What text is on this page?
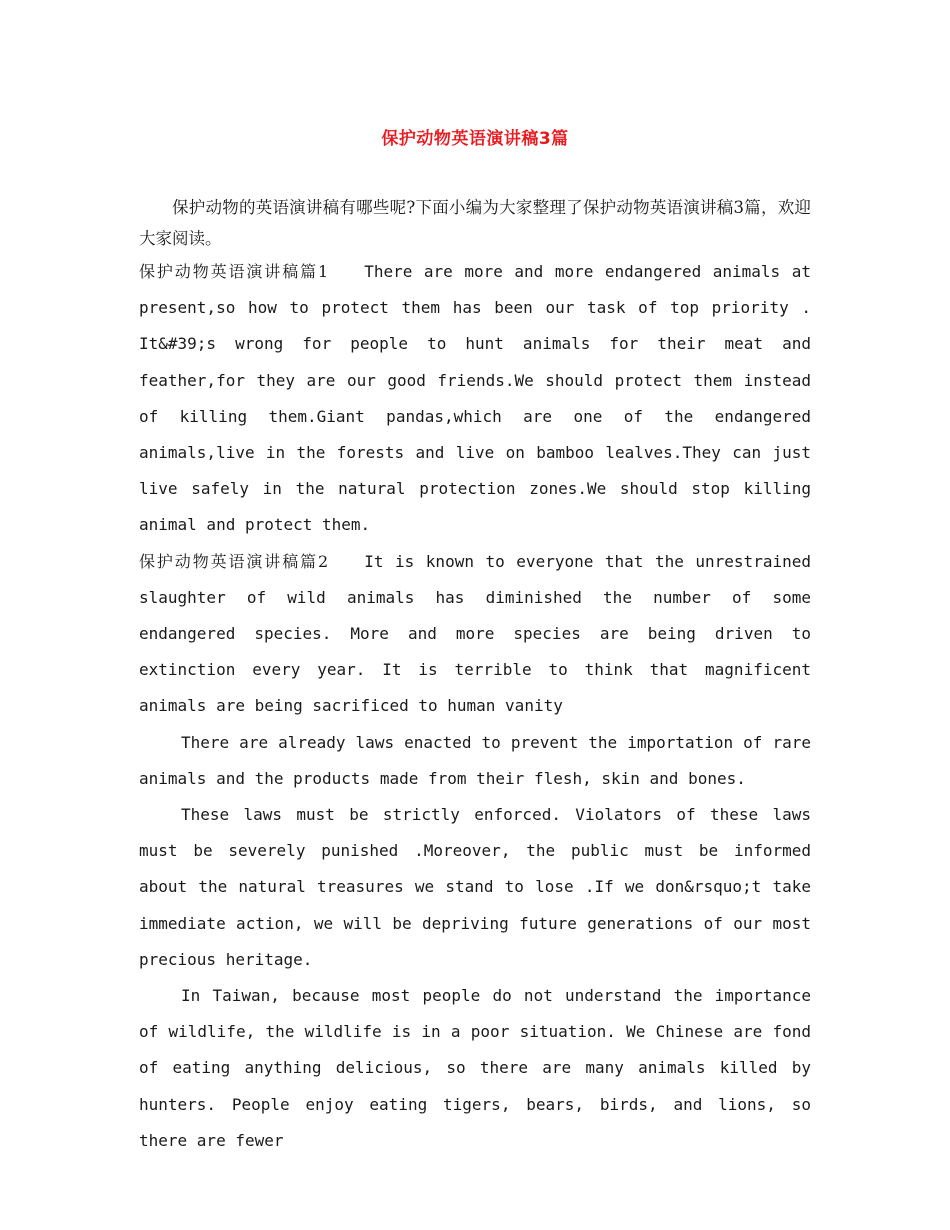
保护动物英语演讲稿3篇

保护动物的英语演讲稿有哪些呢?下面小编为大家整理了保护动物英语演讲稿3篇，欢迎大家阅读。

保护动物英语演讲稿篇1 There are more and more endangered animals at present,so how to protect them has been our task of top priority . It&#39;s wrong for people to hunt animals for their meat and feather,for they are our good friends.We should protect them instead of killing them.Giant pandas,which are one of the endangered animals,live in the forests and live on bamboo lealves.They can just live safely in the natural protection zones.We should stop killing animal and protect them.

保护动物英语演讲稿篇2 It is known to everyone that the unrestrained slaughter of wild animals has diminished the number of some endangered species. More and more species are being driven to extinction every year. It is terrible to think that magnificent animals are being sacrificed to human vanity

There are already laws enacted to prevent the importation of rare animals and the products made from their flesh, skin and bones.

These laws must be strictly enforced. Violators of these laws must be severely punished .Moreover, the public must be informed about the natural treasures we stand to lose .If we don&rsquo;t take immediate action, we will be depriving future generations of our most precious heritage.

In Taiwan, because most people do not understand the importance of wildlife, the wildlife is in a poor situation. We Chinese are fond of eating anything delicious, so there are many animals killed by hunters. People enjoy eating tigers, bears, birds, and lions, so there are fewer
